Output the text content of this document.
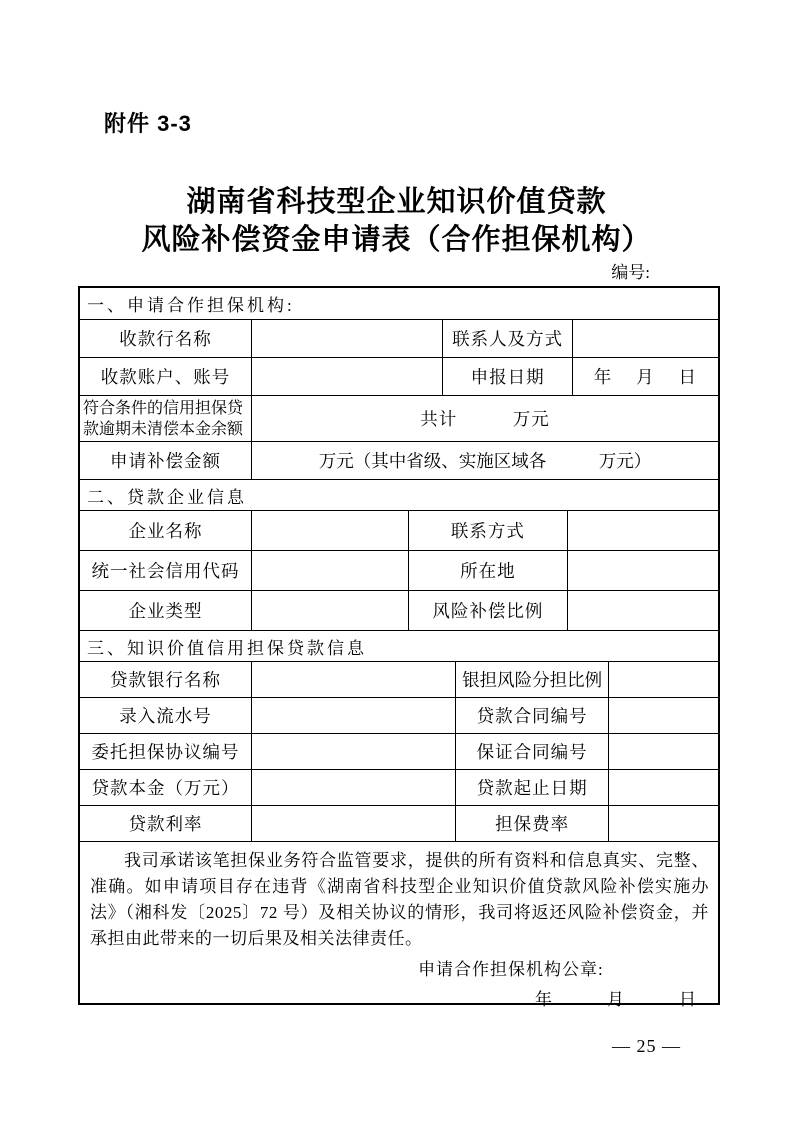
附件 3-3
湖南省科技型企业知识价值贷款
风险补偿资金申请表（合作担保机构）
编号:
一、申请合作担保机构:
收款行名称	联系人及方式
收款账户、账号	申报日期	年　 月　 日
符合条件的信用担保贷款逾期未清偿本金余额	共计　　　万元
申请补偿金额	万元（其中省级、实施区域各　　　万元）
二、贷款企业信息
企业名称	联系方式
统一社会信用代码	所在地
企业类型	风险补偿比例
三、知识价值信用担保贷款信息
贷款银行名称	银担风险分担比例
录入流水号	贷款合同编号
委托担保协议编号	保证合同编号
贷款本金（万元）	贷款起止日期
贷款利率	担保费率

我司承诺该笔担保业务符合监管要求，提供的所有资料和信息真实、完整、准确。如申请项目存在违背《湖南省科技型企业知识价值贷款风险补偿实施办法》（湘科发〔2025〕72 号）及相关协议的情形，我司将返还风险补偿资金，并承担由此带来的一切后果及相关法律责任。

申请合作担保机构公章:
年　　　月　　　日
— 25 —
